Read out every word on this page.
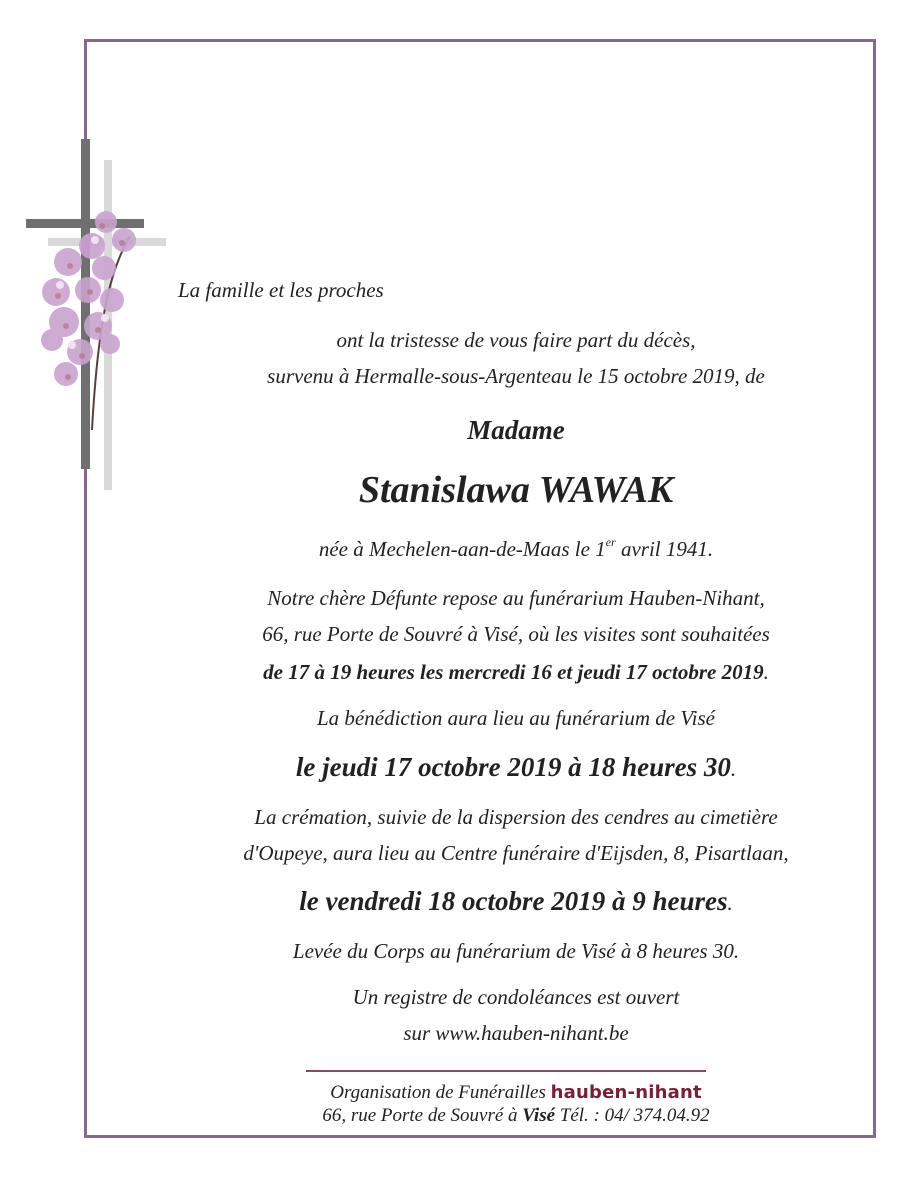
La famille et les proches
ont la tristesse de vous faire part du décès,
survenu à Hermalle-sous-Argenteau le 15 octobre 2019, de
Madame
Stanislawa WAWAK
née à Mechelen-aan-de-Maas le 1er avril 1941.
Notre chère Défunte repose au funérarium Hauben-Nihant,
66, rue Porte de Souvré à Visé, où les visites sont souhaitées
de 17 à 19 heures les mercredi 16 et jeudi 17 octobre 2019.
La bénédiction aura lieu au funérarium de Visé
le jeudi 17 octobre 2019 à 18 heures 30.
La crémation, suivie de la dispersion des cendres au cimetière
d'Oupeye, aura lieu au Centre funéraire d'Eijsden, 8, Pisartlaan,
le vendredi 18 octobre 2019 à 9 heures.
Levée du Corps au funérarium de Visé à 8 heures 30.
Un registre de condoléances est ouvert
sur www.hauben-nihant.be
Organisation de Funérailles hauben-nihant
66, rue Porte de Souvré à Visé Tél. : 04/ 374.04.92
